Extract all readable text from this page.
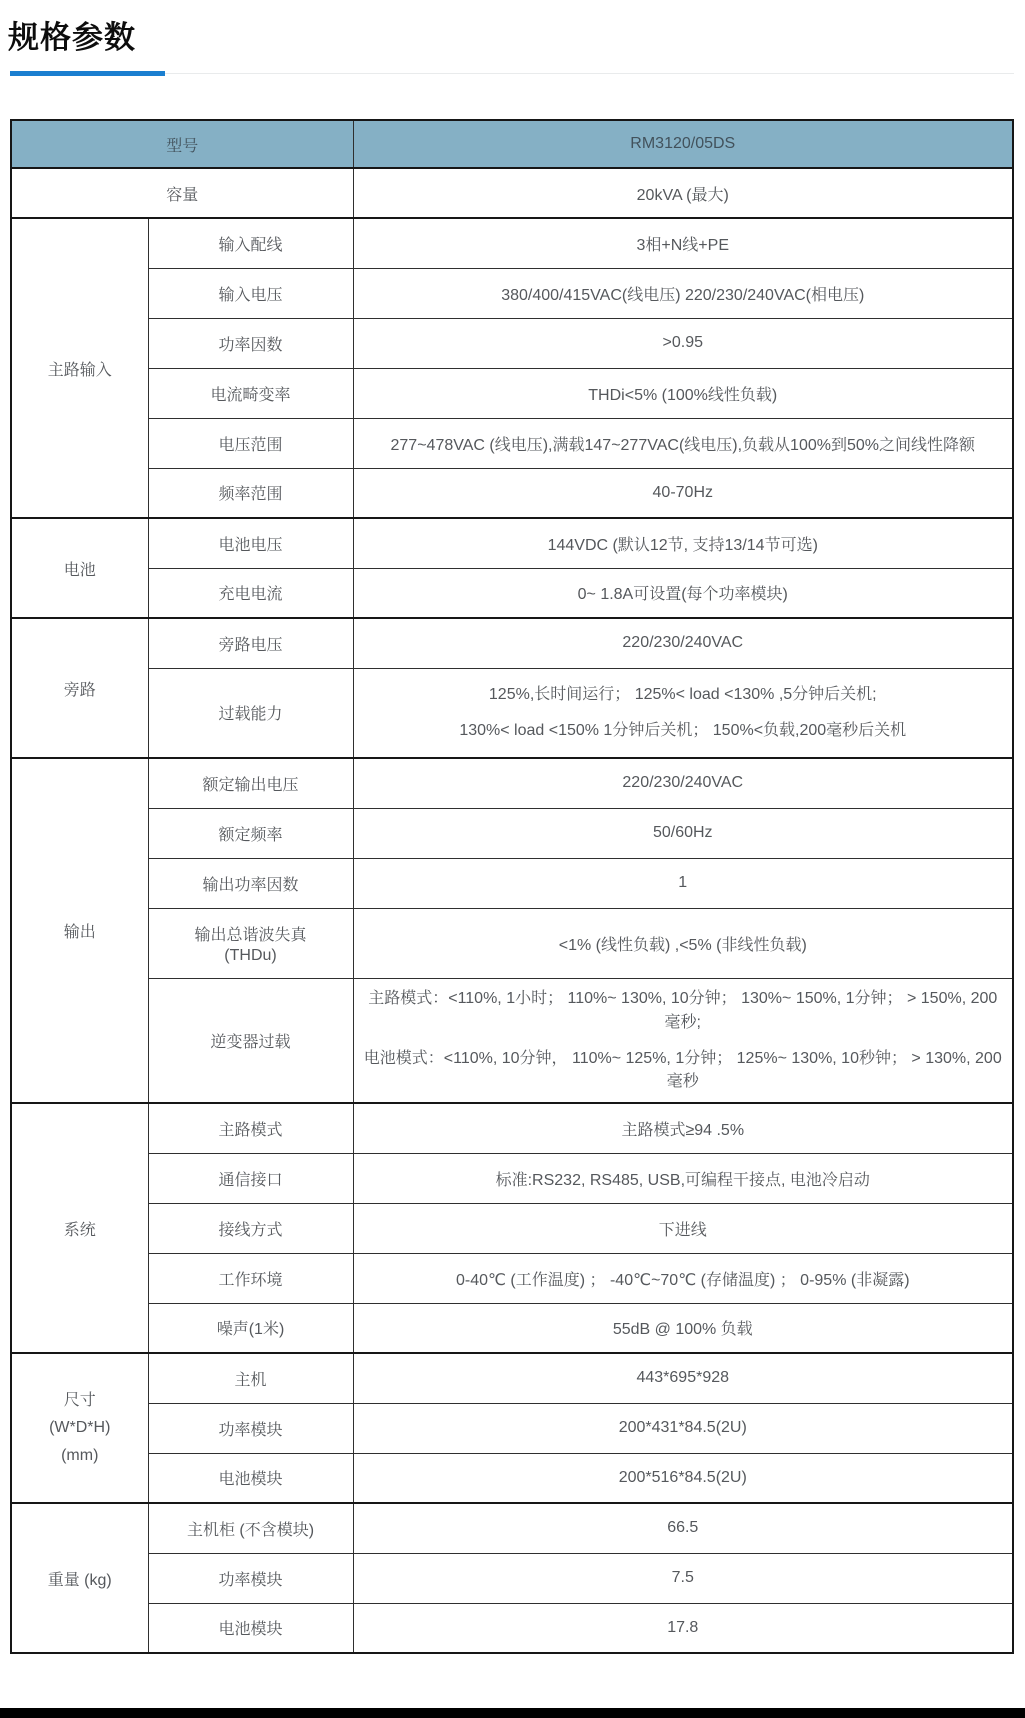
规格参数
型号		RM3120/05DS
容量		20kVA (最大)
主路输入	输入配线	3相+N线+PE
	输入电压	380/400/415VAC(线电压) 220/230/240VAC(相电压)
	功率因数	>0.95
	电流畸变率	THDi<5% (100%线性负载)
	电压范围	277~478VAC (线电压),满载147~277VAC(线电压),负载从100%到50%之间线性降额
	频率范围	40-70Hz
电池	电池电压	144VDC (默认12节, 支持13/14节可选)
	充电电流	0~ 1.8A可设置(每个功率模块)
旁路	旁路电压	220/230/240VAC
	过载能力	125%,长时间运行； 125%< load <130% ,5分钟后关机;
130%< load <150% 1分钟后关机； 150%<负载,200毫秒后关机

输出	额定输出电压	220/230/240VAC
	额定频率	50/60Hz
	输出功率因数	1

	输出总谐波失真
(THDu)	<1% (线性负载) ,<5% (非线性负载)
	逆变器过载	主路模式：<110%, 1小时； 110%~ 130%, 10分钟； 130%~ 150%, 1分钟； > 150%, 200毫秒;
电池模式：<110%, 10分钟， 110%~ 125%, 1分钟； 125%~ 130%, 10秒钟； > 130%, 200毫秒

系统	主路模式	主路模式≥94 .5%
	通信接口	标准:RS232, RS485, USB,可编程干接点, 电池冷启动
	接线方式	下进线
	工作环境	0-40℃ (工作温度) ； -40℃~70℃ (存储温度) ； 0-95% (非凝露)
	噪声(1米)	55dB @ 100% 负载

尺寸
(W*D*H)
(mm)	主机	443*695*928
	功率模块	200*431*84.5(2U)
	电池模块	200*516*84.5(2U)
重量 (kg)	主机柜 (不含模块)	66.5
	功率模块	7.5
	电池模块	17.8
